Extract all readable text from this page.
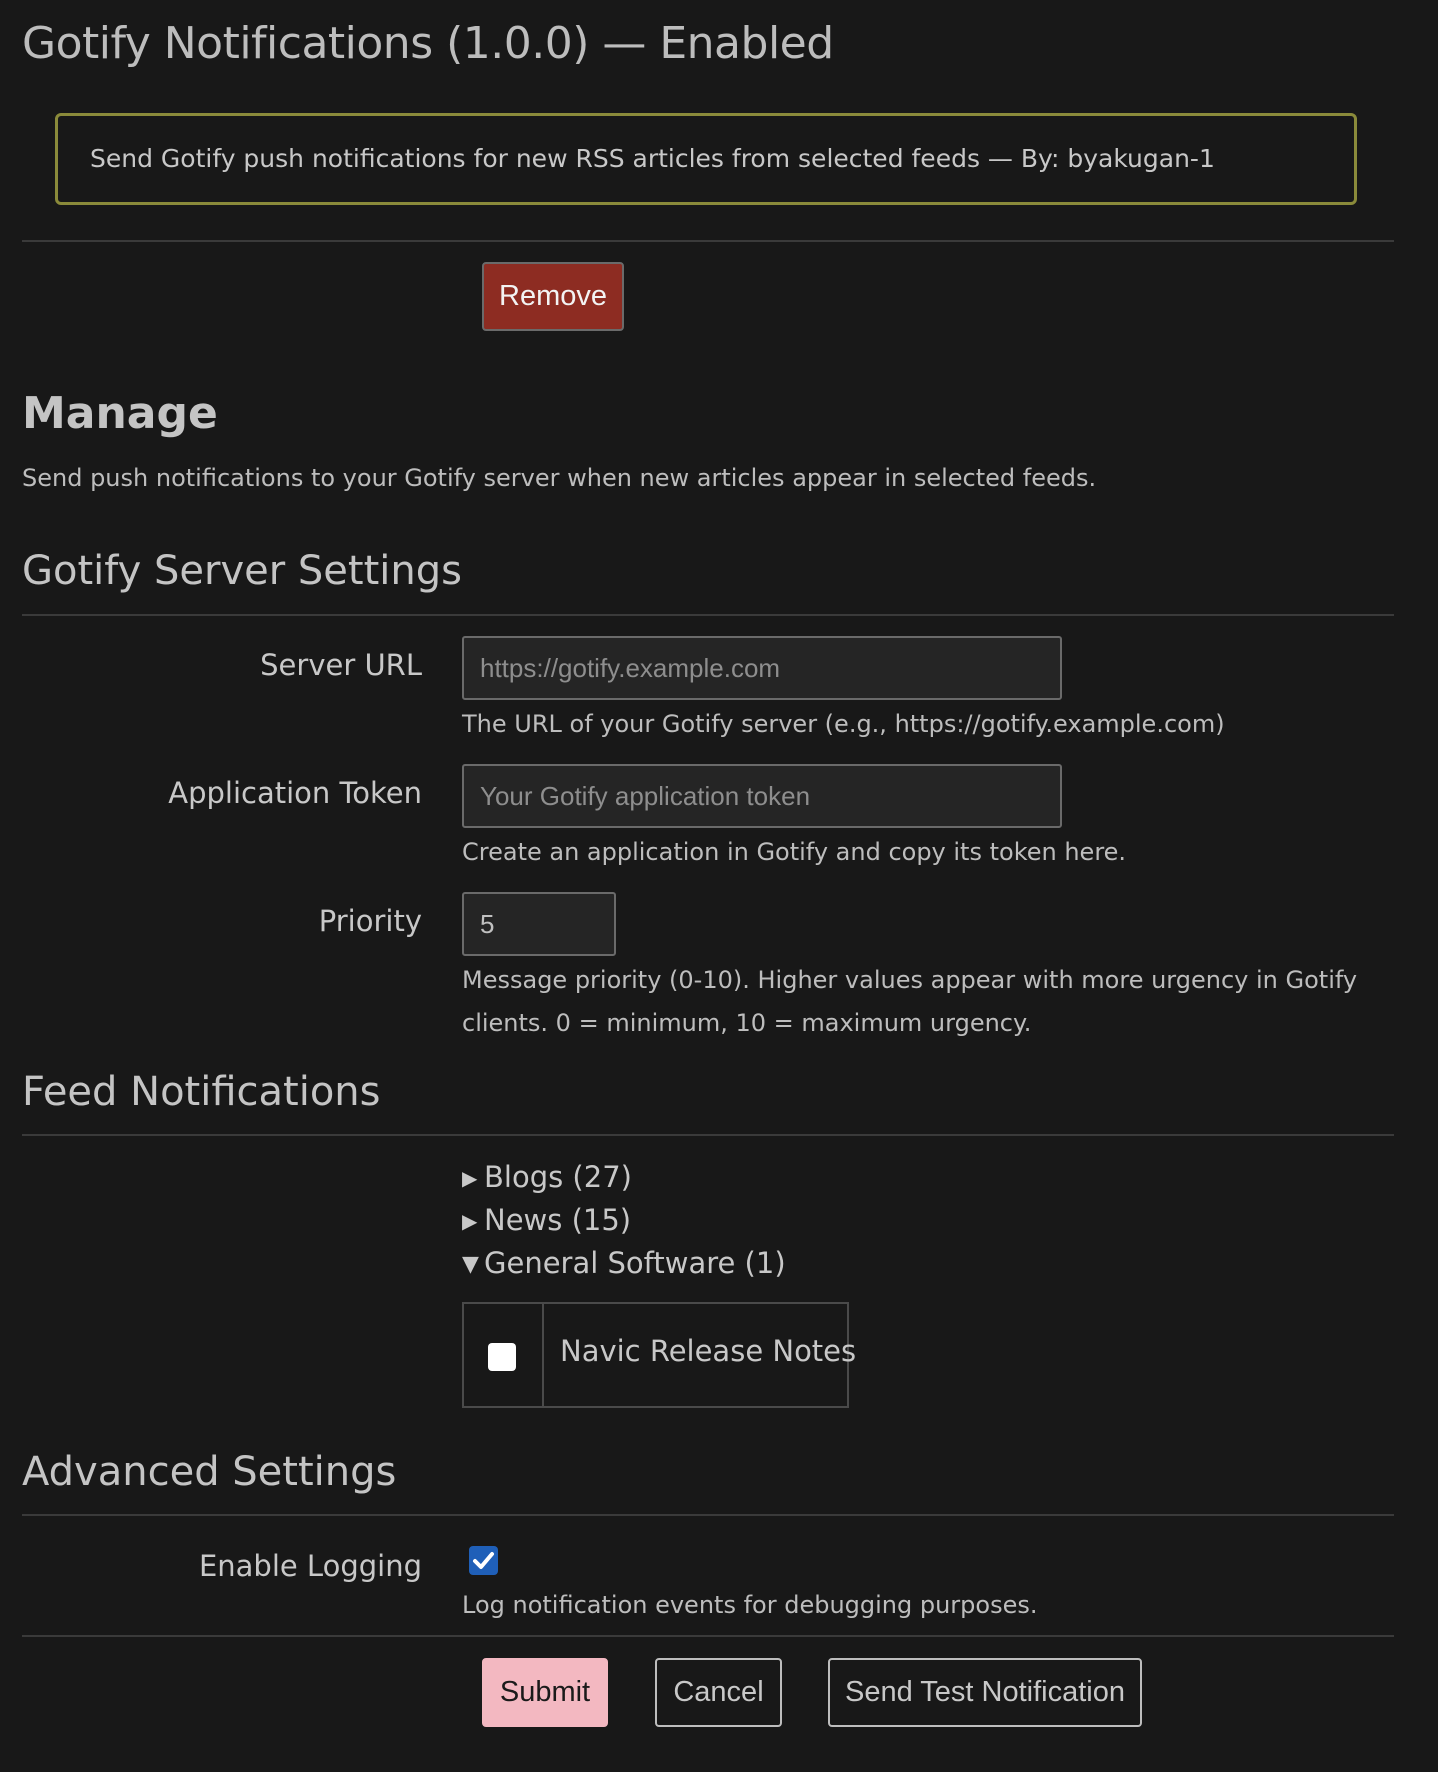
Gotify Notifications (1.0.0) — Enabled
Send Gotify push notifications for new RSS articles from selected feeds — By: byakugan-1
Remove
Manage
Send push notifications to your Gotify server when new articles appear in selected feeds.
Gotify Server Settings
Server URL
https://gotify.example.com
The URL of your Gotify server (e.g., https://gotify.example.com)
Application Token
Your Gotify application token
Create an application in Gotify and copy its token here.
Priority
5
Message priority (0-10). Higher values appear with more urgency in Gotify clients. 0 = minimum, 10 = maximum urgency.
Feed Notifications
▶ Blogs (27)
▶ News (15)
▼ General Software (1)
Navic Release Notes
Advanced Settings
Enable Logging
Log notification events for debugging purposes.
Submit	Cancel	Send Test Notification
